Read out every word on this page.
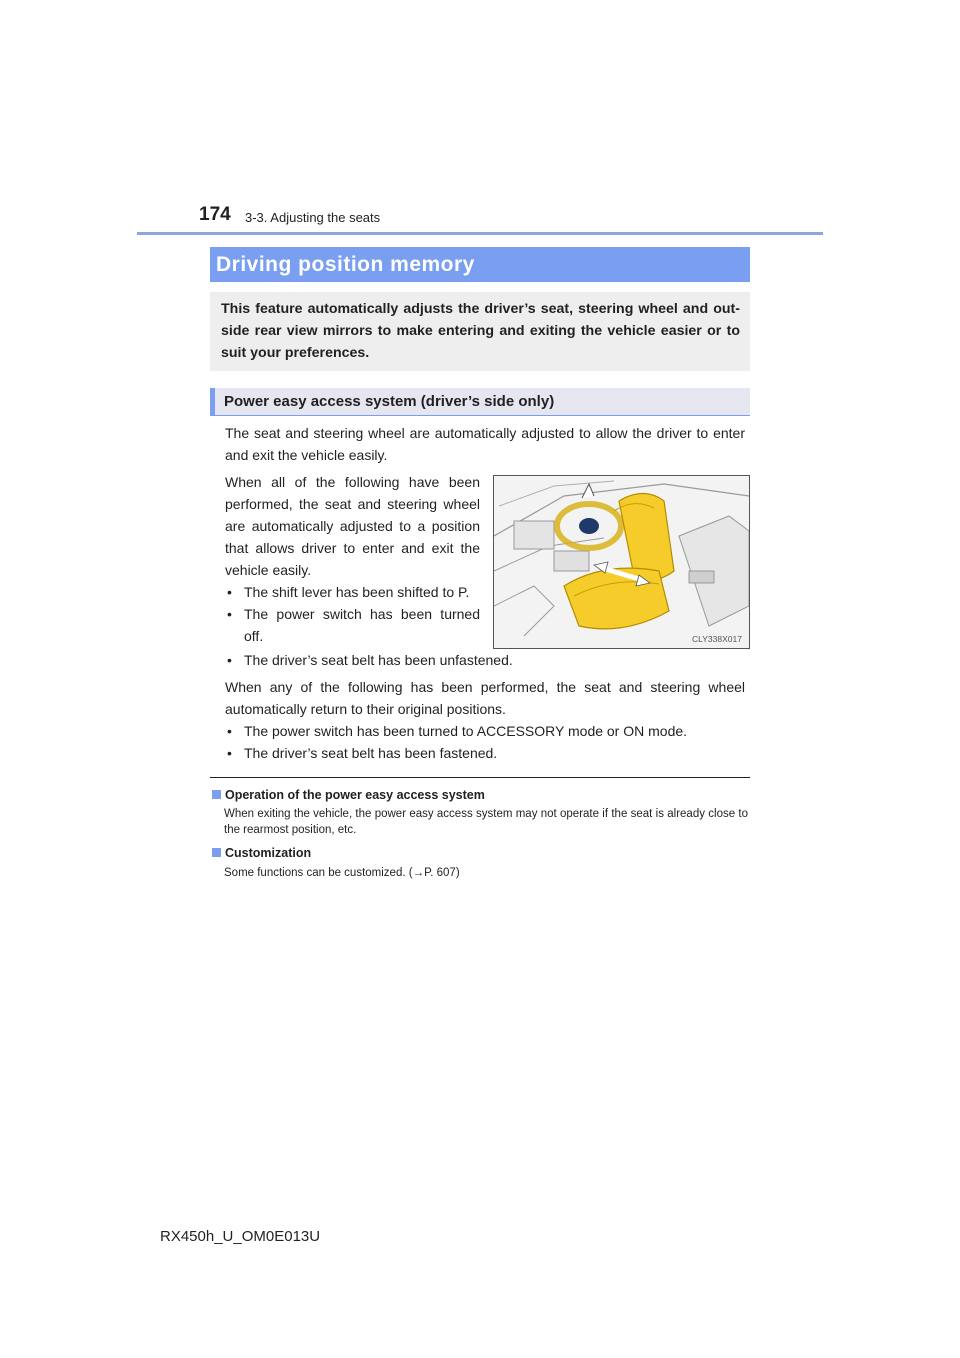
174 3-3. Adjusting the seats
Driving position memory
This feature automatically adjusts the driver’s seat, steering wheel and out-side rear view mirrors to make entering and exiting the vehicle easier or to suit your preferences.
Power easy access system (driver’s side only)

The seat and steering wheel are automatically adjusted to allow the driver to enter and exit the vehicle easily.

When all of the following have been performed, the seat and steering wheel are automatically adjusted to a position that allows driver to enter and exit the vehicle easily.

• The shift lever has been shifted to P.
• The power switch has been turned off.
• The driver’s seat belt has been unfastened.

When any of the following has been performed, the seat and steering wheel automatically return to their original positions.

• The power switch has been turned to ACCESSORY mode or ON mode.
• The driver’s seat belt has been fastened.
CLY338X017
Operation of the power easy access system
When exiting the vehicle, the power easy access system may not operate if the seat is already close to the rearmost position, etc.
Customization
Some functions can be customized. (→P. 607)
RX450h_U_OM0E013U
